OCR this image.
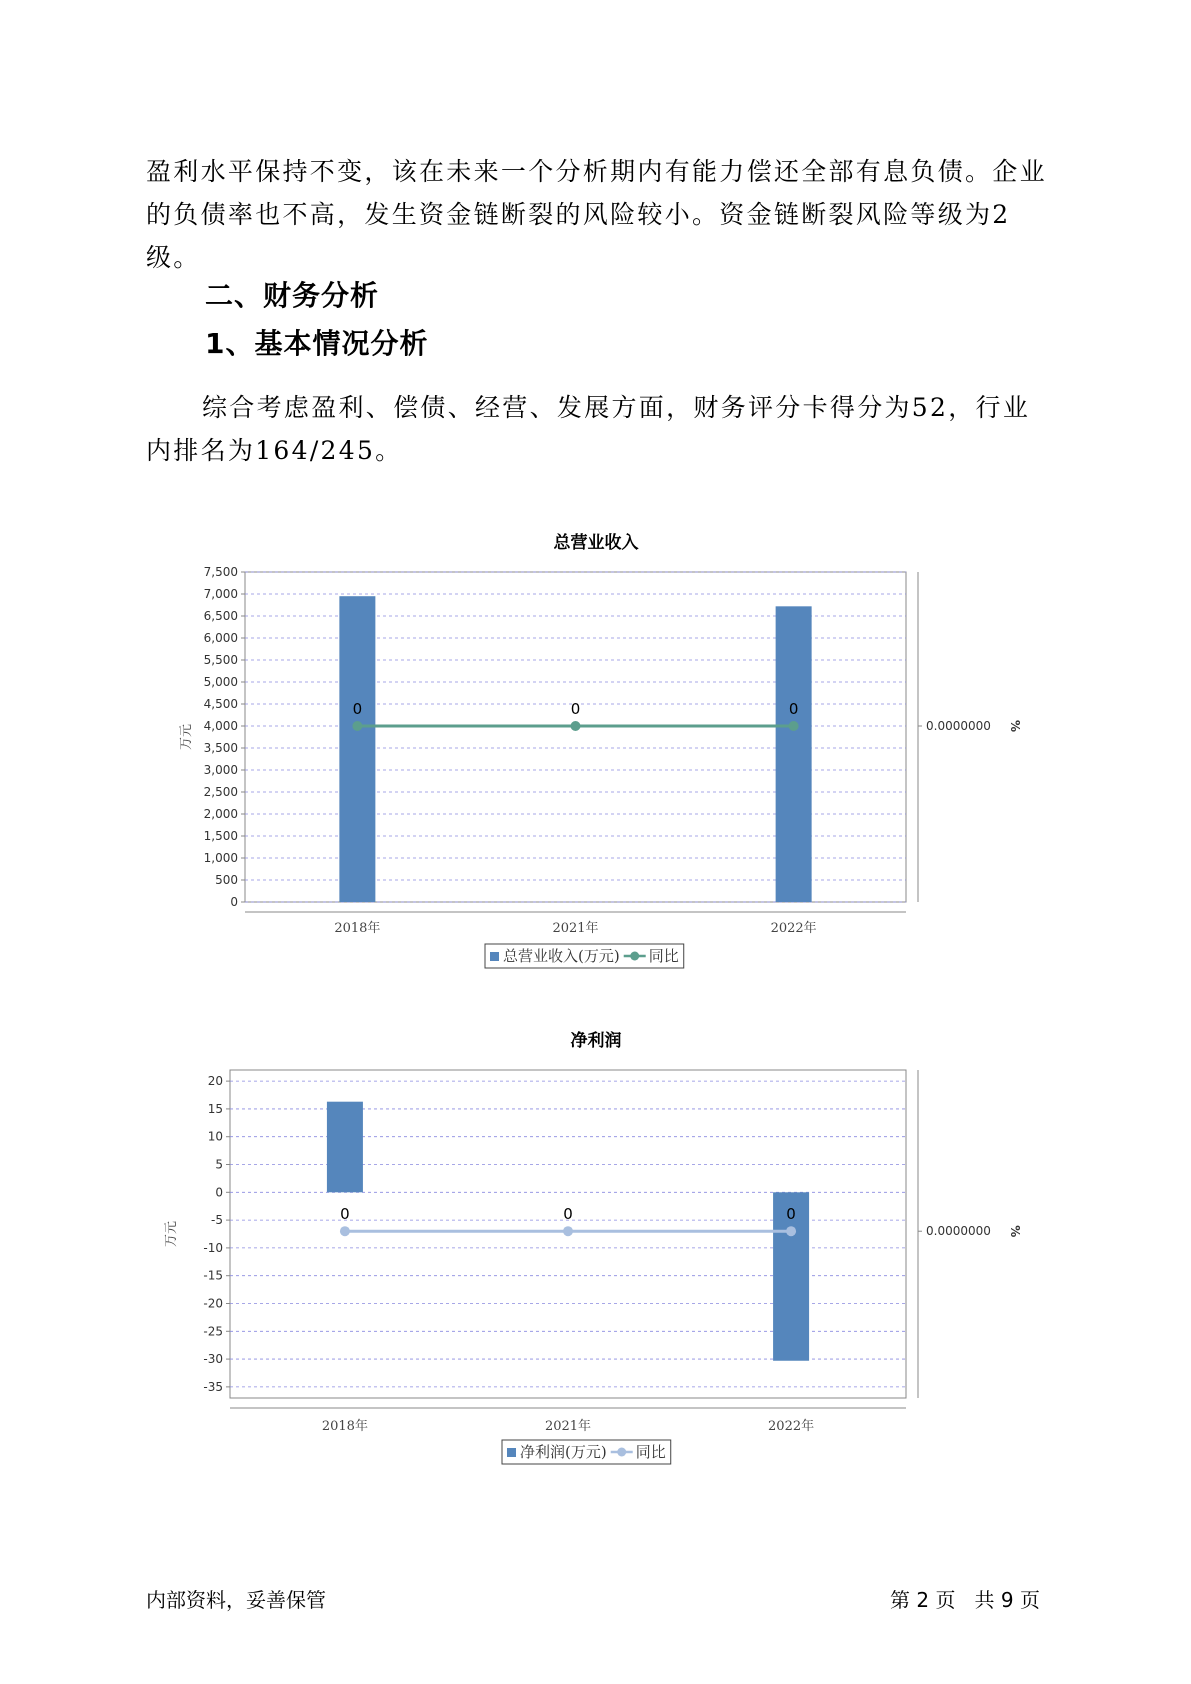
盈利水平保持不变，该在未来一个分析期内有能力偿还全部有息负债。企业的负债率也不高，发生资金链断裂的风险较小。资金链断裂风险等级为2级。

二、财务分析
1、基本情况分析

综合考虑盈利、偿债、经营、发展方面，财务评分卡得分为52，行业内排名为164/245。

总营业收入
0
500
1,000
1,500
2,000
2,500
3,000
3,500
4,000
4,500
5,000
5,500
6,000
6,500
7,000
7,500
万元	0.0000000 %
0	0	0
2018年	2021年	2022年
总营业收入(万元) 同比
净利润
-35
-30
-25
-20
-15
-10
-5
0
5
10
15
20
万元	0.0000000 %
0	0	0
2018年	2021年	2022年
净利润(万元) 同比
内部资料，妥善保管	第 2 页   共 9 页
